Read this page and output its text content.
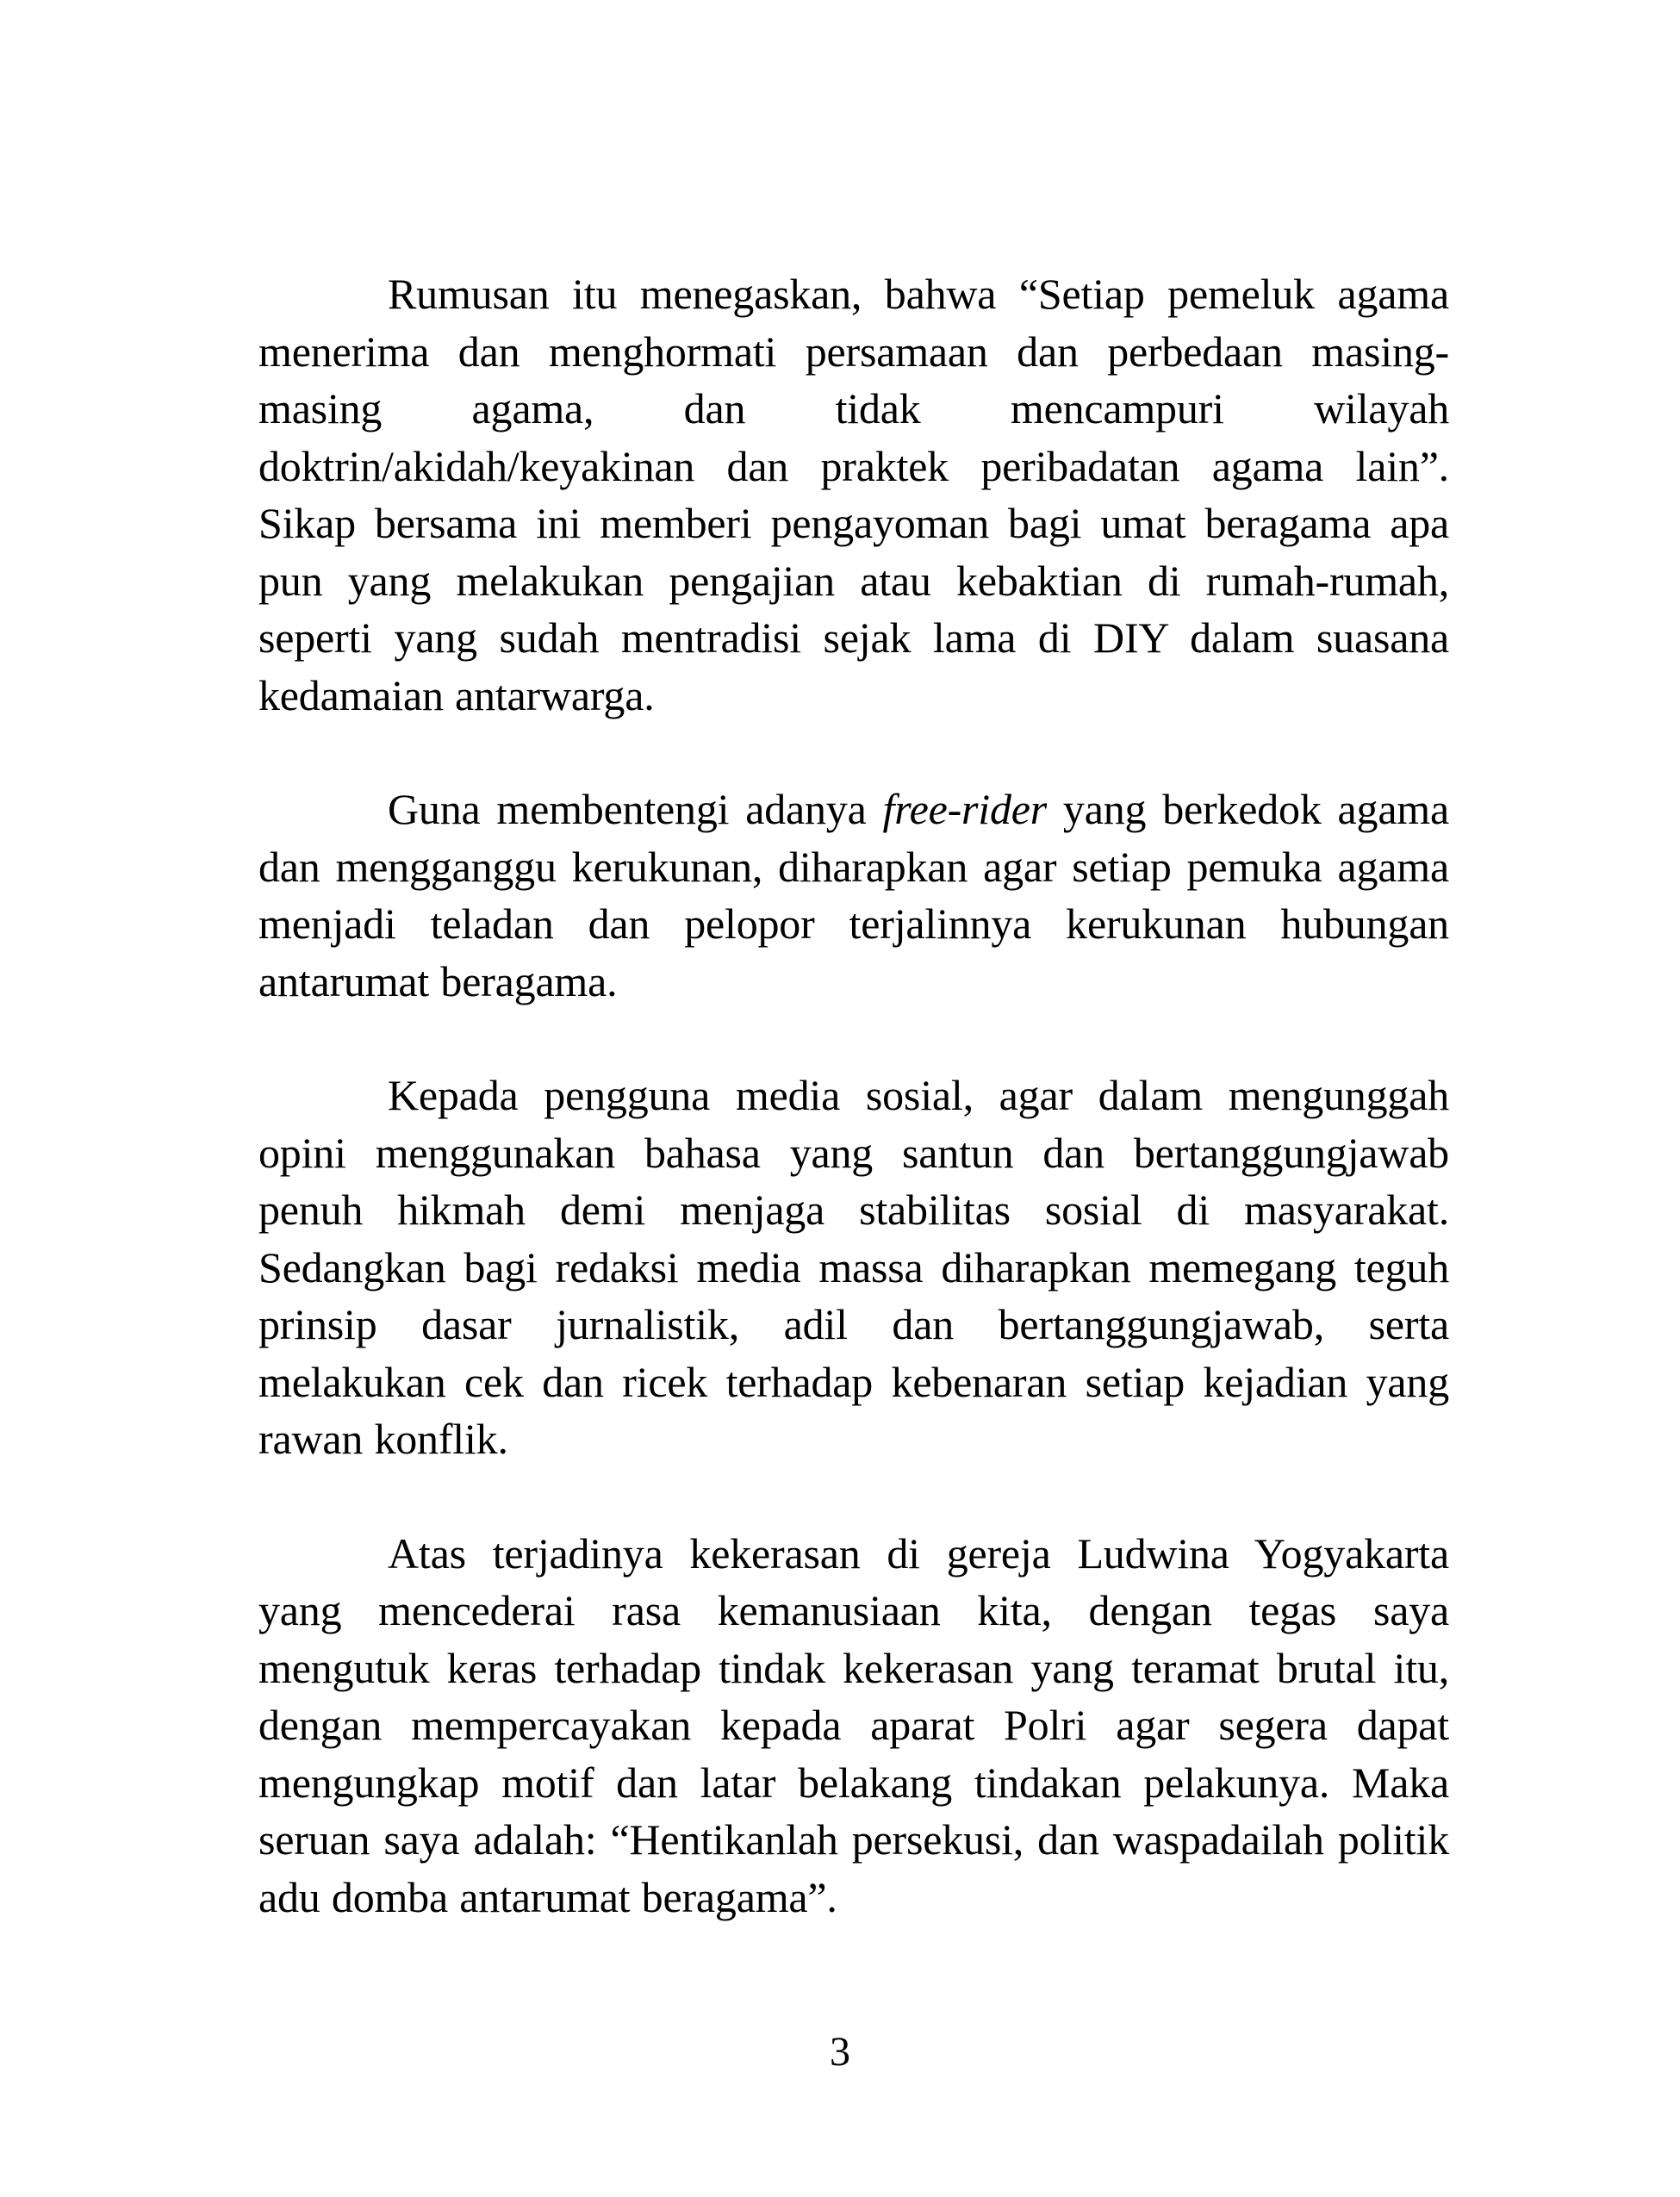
Rumusan itu menegaskan, bahwa “Setiap pemeluk agama menerima dan menghormati persamaan dan perbedaan masing-masing agama, dan tidak mencampuri wilayah doktrin/akidah/keyakinan dan praktek peribadatan agama lain”. Sikap bersama ini memberi pengayoman bagi umat beragama apa pun yang melakukan pengajian atau kebaktian di rumah-rumah, seperti yang sudah mentradisi sejak lama di DIY dalam suasana kedamaian antarwarga.

Guna membentengi adanya free-rider yang berkedok agama dan mengganggu kerukunan, diharapkan agar setiap pemuka agama menjadi teladan dan pelopor terjalinnya kerukunan hubungan antarumat beragama.

Kepada pengguna media sosial, agar dalam mengunggah opini menggunakan bahasa yang santun dan bertanggungjawab penuh hikmah demi menjaga stabilitas sosial di masyarakat. Sedangkan bagi redaksi media massa diharapkan memegang teguh prinsip dasar jurnalistik, adil dan bertanggungjawab, serta melakukan cek dan ricek terhadap kebenaran setiap kejadian yang rawan konflik.

Atas terjadinya kekerasan di gereja Ludwina Yogyakarta yang mencederai rasa kemanusiaan kita, dengan tegas saya mengutuk keras terhadap tindak kekerasan yang teramat brutal itu, dengan mempercayakan kepada aparat Polri agar segera dapat mengungkap motif dan latar belakang tindakan pelakunya. Maka seruan saya adalah: “Hentikanlah persekusi, dan waspadailah politik adu domba antarumat beragama”.

3
